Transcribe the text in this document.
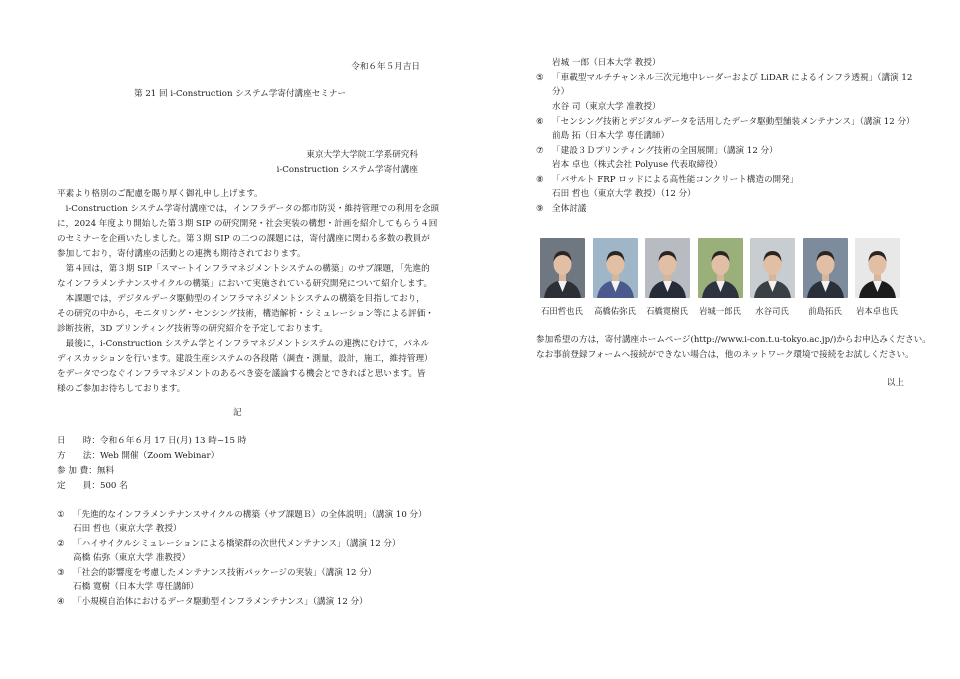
令和６年５月吉日
第 21 回 i-Construction システム学寄付講座セミナー
東京大学大学院工学系研究科
i-Construction システム学寄付講座
平素より格別のご配慮を賜り厚く御礼申し上げます。
　i-Construction システム学寄付講座では，インフラデータの都市防災・維持管理での利用を念頭
に，2024 年度より開始した第３期 SIP の研究開発・社会実装の構想・計画を紹介してもらう４回
のセミナーを企画いたしました。第３期 SIP の二つの課題には，寄付講座に関わる多数の教員が
参加しており，寄付講座の活動との連携も期待されております。
　第４回は，第３期 SIP「スマートインフラマネジメントシステムの構築」のサブ課題，「先進的
なインフラメンテナンスサイクルの構築」において実施されている研究開発について紹介します。
　本課題では，デジタルデータ駆動型のインフラマネジメントシステムの構築を目指しており，
その研究の中から，モニタリング・センシング技術，構造解析・シミュレーション等による評価・
診断技術，3D プリンティング技術等の研究紹介を予定しております。
　最後に，i-Construction システム学とインフラマネジメントシステムの連携にむけて，パネル
ディスカッションを行います。建設生産システムの各段階（調査・測量，設計，施工，維持管理）
をデータでつなぐインフラマネジメントのあるべき姿を議論する機会とできればと思います。皆
様のご参加お待ちしております。
記
日　　時：令和６年６月 17 日(月) 13 時~15 時
方　　法：Web 開催（Zoom Webinar）
参 加 費：無料
定　　員：500 名
① 「先進的なインフラメンテナンスサイクルの構築（サブ課題Ｂ）の全体説明」（講演 10 分）
石田 哲也（東京大学 教授）
② 「ハイサイクルシミュレーションによる橋梁群の次世代メンテナンス」（講演 12 分）
高橋 佑弥（東京大学 准教授）
③ 「社会的影響度を考慮したメンテナンス技術パッケージの実装」（講演 12 分）
石橋 寛樹（日本大学 専任講師）
④ 「小規模自治体におけるデータ駆動型インフラメンテナンス」（講演 12 分）
岩城 一郎（日本大学 教授）
⑤ 「車載型マルチチャンネル三次元地中レーダーおよび LiDAR によるインフラ透視」（講演 12
分）
水谷 司（東京大学 准教授）
⑥ 「センシング技術とデジタルデータを活用したデータ駆動型舗装メンテナンス」（講演 12 分）
前島 拓（日本大学 専任講師）
⑦ 「建設３Ｄプリンティング技術の全国展開」（講演 12 分）
岩本 卓也（株式会社 Polyuse 代表取締役）
⑧ 「バサルト FRP ロッドによる高性能コンクリート構造の開発」
石田 哲也（東京大学 教授）（12 分）
⑨ 全体討議
石田哲也氏	高橋佑弥氏	石橋寛樹氏	岩城一郎氏	水谷司氏	前島拓氏	岩本卓也氏
参加希望の方は，寄付講座ホームページ(http://www.i-con.t.u-tokyo.ac.jp/)からお申込みください。
なお事前登録フォームへ接続ができない場合は，他のネットワーク環境で接続をお試しください。
以上
